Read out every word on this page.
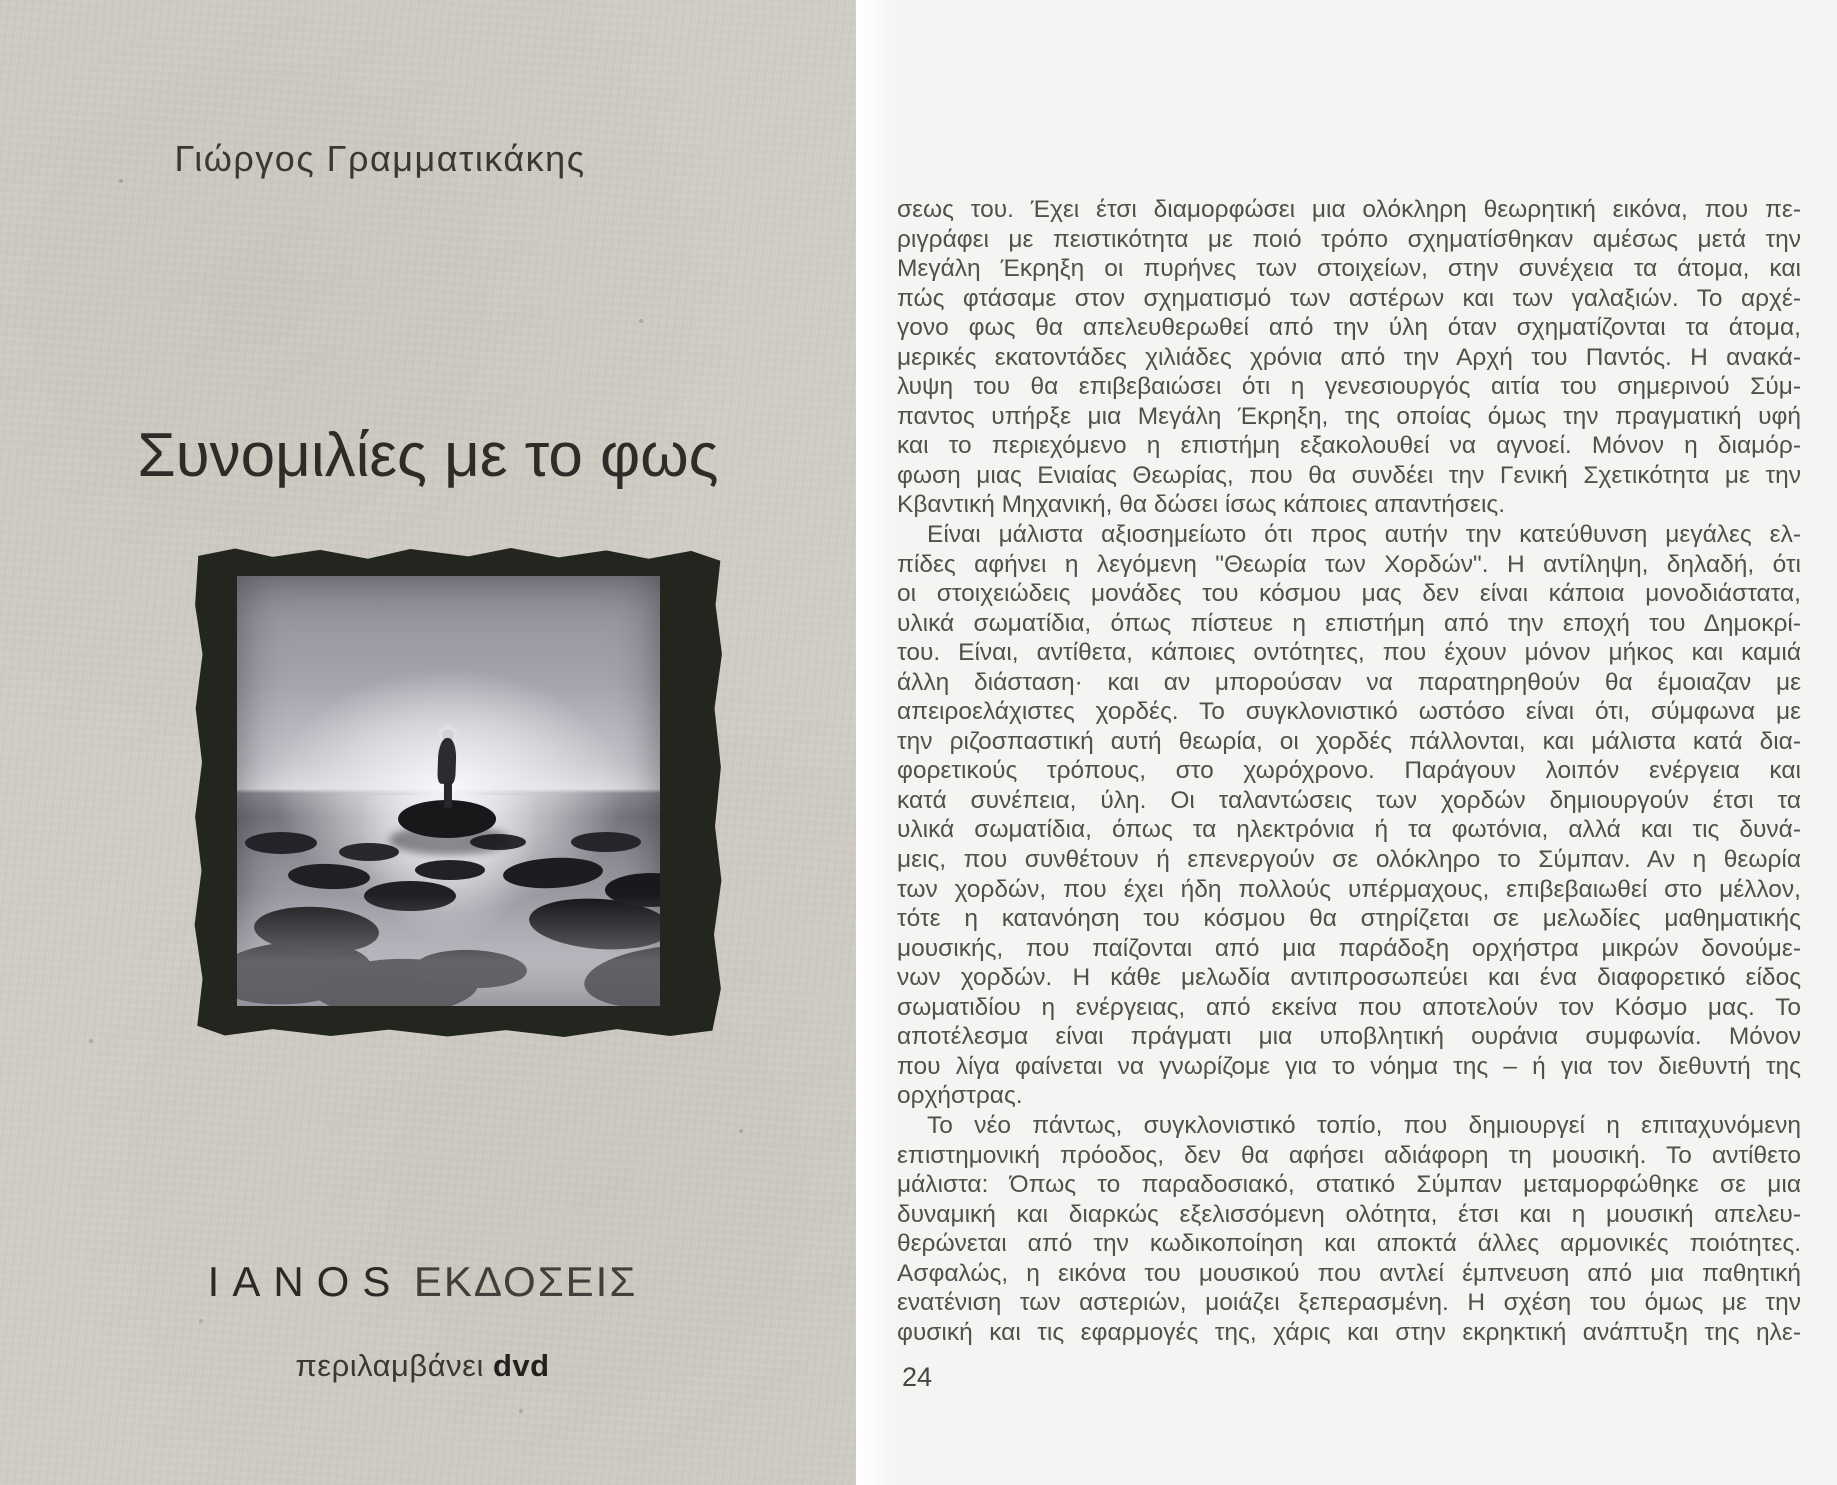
Γιώργος Γραμματικάκης
Συνομιλίες με το φως
ΙΑΝΟS ΕΚΔΟΣΕΙΣ
περιλαμβάνει dvd
σεως του. Έχει έτσι διαμορφώσει μια ολόκληρη θεωρητική εικόνα, που πε-
ριγράφει με πειστικότητα με ποιό τρόπο σχηματίσθηκαν αμέσως μετά την
Μεγάλη Έκρηξη οι πυρήνες των στοιχείων, στην συνέχεια τα άτομα, και
πώς φτάσαμε στον σχηματισμό των αστέρων και των γαλαξιών. Το αρχέ-
γονο φως θα απελευθερωθεί από την ύλη όταν σχηματίζονται τα άτομα,
μερικές εκατοντάδες χιλιάδες χρόνια από την Αρχή του Παντός. Η ανακά-
λυψη του θα επιβεβαιώσει ότι η γενεσιουργός αιτία του σημερινού Σύμ-
παντος υπήρξε μια Μεγάλη Έκρηξη, της οποίας όμως την πραγματική υφή
και το περιεχόμενο η επιστήμη εξακολουθεί να αγνοεί. Μόνον η διαμόρ-
φωση μιας Ενιαίας Θεωρίας, που θα συνδέει την Γενική Σχετικότητα με την
Κβαντική Μηχανική, θα δώσει ίσως κάποιες απαντήσεις.
Είναι μάλιστα αξιοσημείωτο ότι προς αυτήν την κατεύθυνση μεγάλες ελ-
πίδες αφήνει η λεγόμενη "Θεωρία των Χορδών". Η αντίληψη, δηλαδή, ότι
οι στοιχειώδεις μονάδες του κόσμου μας δεν είναι κάποια μονοδιάστατα,
υλικά σωματίδια, όπως πίστευε η επιστήμη από την εποχή του Δημοκρί-
του. Είναι, αντίθετα, κάποιες οντότητες, που έχουν μόνον μήκος και καμιά
άλλη διάσταση· και αν μπορούσαν να παρατηρηθούν θα έμοιαζαν με
απειροελάχιστες χορδές. Το συγκλονιστικό ωστόσο είναι ότι, σύμφωνα με
την ριζοσπαστική αυτή θεωρία, οι χορδές πάλλονται, και μάλιστα κατά δια-
φορετικούς τρόπους, στο χωρόχρονο. Παράγουν λοιπόν ενέργεια και
κατά συνέπεια, ύλη. Οι ταλαντώσεις των χορδών δημιουργούν έτσι τα
υλικά σωματίδια, όπως τα ηλεκτρόνια ή τα φωτόνια, αλλά και τις δυνά-
μεις, που συνθέτουν ή επενεργούν σε ολόκληρο το Σύμπαν. Αν η θεωρία
των χορδών, που έχει ήδη πολλούς υπέρμαχους, επιβεβαιωθεί στο μέλλον,
τότε η κατανόηση του κόσμου θα στηρίζεται σε μελωδίες μαθηματικής
μουσικής, που παίζονται από μια παράδοξη ορχήστρα μικρών δονούμε-
νων χορδών. Η κάθε μελωδία αντιπροσωπεύει και ένα διαφορετικό είδος
σωματιδίου η ενέργειας, από εκείνα που αποτελούν τον Κόσμο μας. Το
αποτέλεσμα είναι πράγματι μια υποβλητική ουράνια συμφωνία. Μόνον
που λίγα φαίνεται να γνωρίζομε για το νόημα της – ή για τον διεθυντή της
ορχήστρας.
Το νέο πάντως, συγκλονιστικό τοπίο, που δημιουργεί η επιταχυνόμενη
επιστημονική πρόοδος, δεν θα αφήσει αδιάφορη τη μουσική. Το αντίθετο
μάλιστα: Όπως το παραδοσιακό, στατικό Σύμπαν μεταμορφώθηκε σε μια
δυναμική και διαρκώς εξελισσόμενη ολότητα, έτσι και η μουσική απελευ-
θερώνεται από την κωδικοποίηση και αποκτά άλλες αρμονικές ποιότητες.
Ασφαλώς, η εικόνα του μουσικού που αντλεί έμπνευση από μια παθητική
ενατένιση των αστεριών, μοιάζει ξεπερασμένη. Η σχέση του όμως με την
φυσική και τις εφαρμογές της, χάρις και στην εκρηκτική ανάπτυξη της ηλε-
24
